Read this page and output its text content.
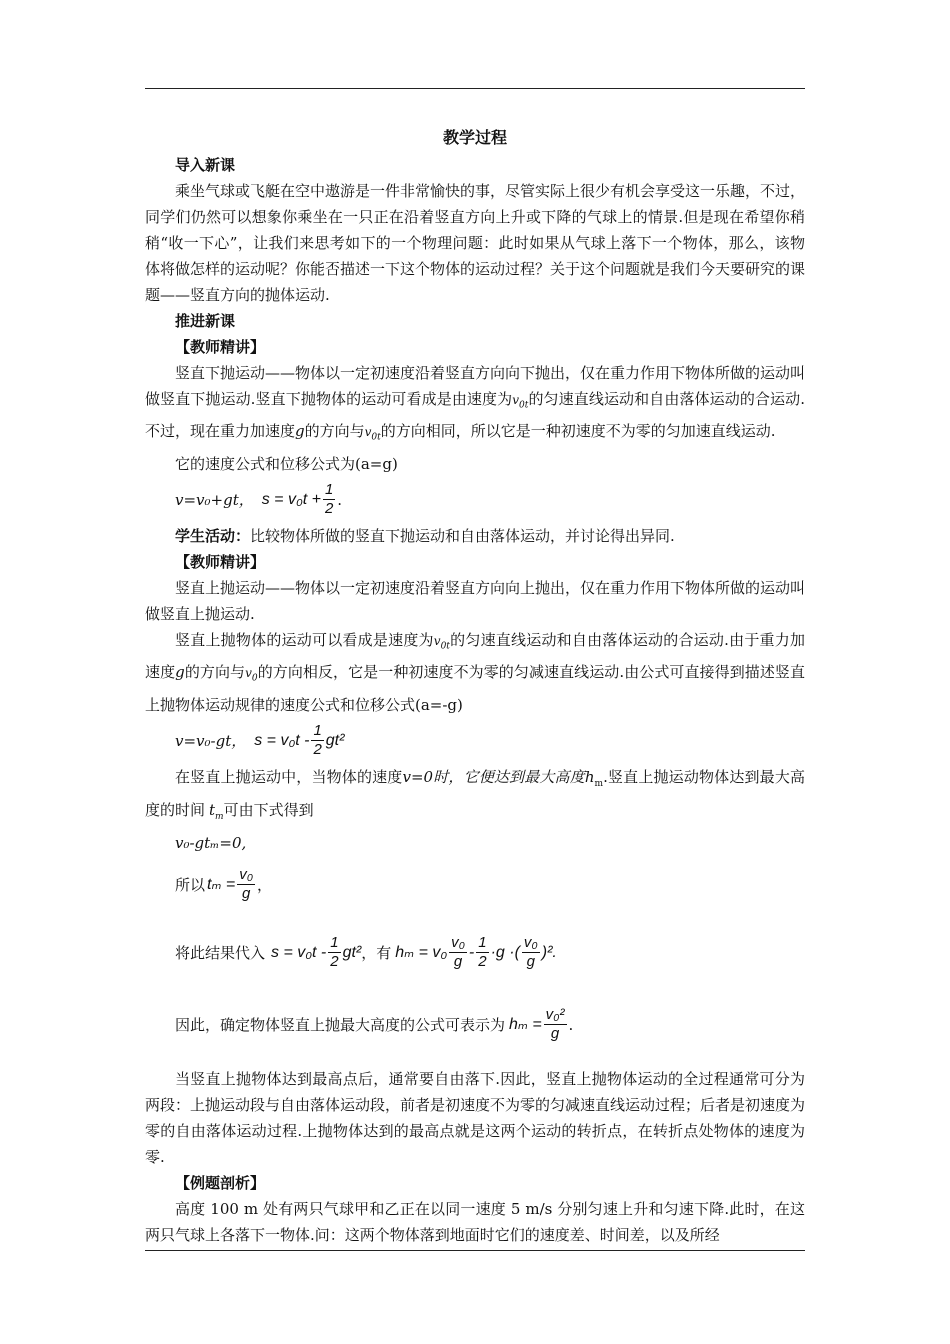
教学过程
导入新课

乘坐气球或飞艇在空中遨游是一件非常愉快的事，尽管实际上很少有机会享受这一乐趣，不过，同学们仍然可以想象你乘坐在一只正在沿着竖直方向上升或下降的气球上的情景.但是现在希望你稍稍“收一下心”，让我们来思考如下的一个物理问题：此时如果从气球上落下一个物体，那么，该物体将做怎样的运动呢？你能否描述一下这个物体的运动过程？关于这个问题就是我们今天要研究的课题——竖直方向的抛体运动.

推进新课
【教师精讲】

竖直下抛运动——物体以一定初速度沿着竖直方向向下抛出，仅在重力作用下物体所做的运动叫做竖直下抛运动.竖直下抛物体的运动可看成是由速度为$v_{0t}$的匀速直线运动和自由落体运动的合运动.不过，现在重力加速度g的方向与$v_{0t}$的方向相同，所以它是一种初速度不为零的匀加速直线运动.

它的速度公式和位移公式为(a=g)

v=v₀+gt， $s = v_0t + \frac{1}{2}$ .

学生活动：比较物体所做的竖直下抛运动和自由落体运动，并讨论得出异同.

【教师精讲】

竖直上抛运动——物体以一定初速度沿着竖直方向向上抛出，仅在重力作用下物体所做的运动叫做竖直上抛运动.

竖直上抛物体的运动可以看成是速度为$v_{0t}$的匀速直线运动和自由落体运动的合运动.由于重力加速度g的方向与$v_0$的方向相反，它是一种初速度不为零的匀减速直线运动.由公式可直接得到描述竖直上抛物体运动规律的速度公式和位移公式(a=-g)

v=v₀-gt， $s = v_0t - \frac{1}{2} gt^2$

在竖直上抛运动中，当物体的速度v=0时，它便达到最大高度$h_m$.竖直上抛运动物体达到最大高度的时间 $t_m$可由下式得到

v₀-gtₘ=0,
所以 $t_m = \frac{\text{v₀}}{g}$ ，
将此结果代入 $s = v_0t - \frac{1}{2} gt^2$ ，有 $h_m = v_0 \frac{\text{v₀}}{g} - \frac{1}{2} \cdot g$ ·( $\frac{\text{v₀}}{g} )^2$.
因此，确定物体竖直上抛最大高度的公式可表示为 $h_m = \frac{\text{v₀²}}{g}$ .

当竖直上抛物体达到最高点后，通常要自由落下.因此，竖直上抛物体运动的全过程通常可分为两段：上抛运动段与自由落体运动段，前者是初速度不为零的匀减速直线运动过程；后者是初速度为零的自由落体运动过程.上抛物体达到的最高点就是这两个运动的转折点，在转折点处物体的速度为零.

【例题剖析】

高度 100 m 处有两只气球甲和乙正在以同一速度 5 m/s 分别匀速上升和匀速下降.此时，在这两只气球上各落下一物体.问：这两个物体落到地面时它们的速度差、时间差，以及所经
